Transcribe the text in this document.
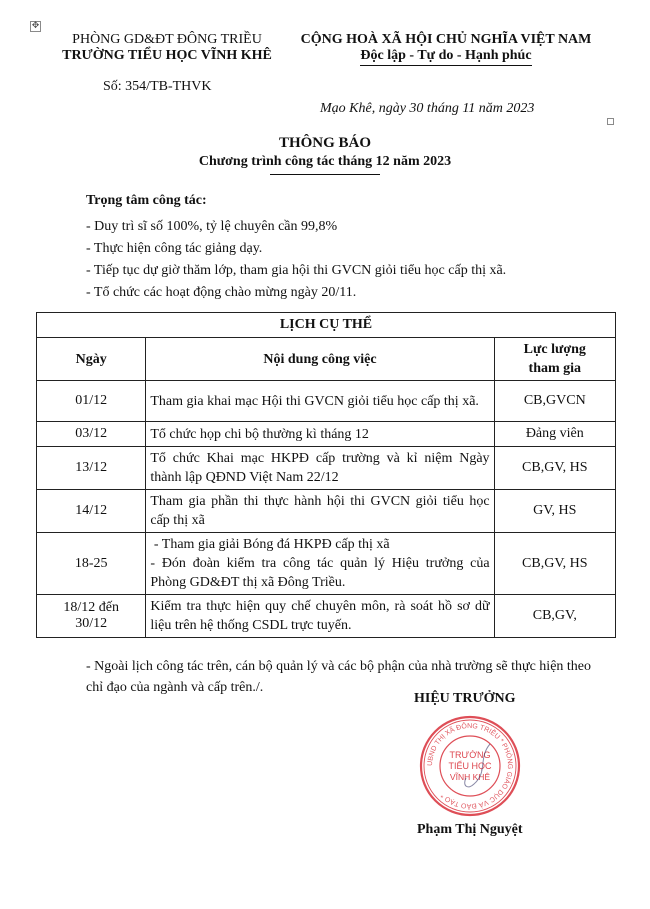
✥
PHÒNG GD&ĐT ĐÔNG TRIỀU
TRƯỜNG TIỂU HỌC VĨNH KHÊ
CỘNG HOÀ XÃ HỘI CHỦ NGHĨA VIỆT NAM
Độc lập - Tự do - Hạnh phúc
Số: 354/TB-THVK
Mạo Khê, ngày 30 tháng 11 năm 2023
THÔNG BÁO
Chương trình công tác tháng 12 năm 2023
Trọng tâm công tác:
- Duy trì sĩ số 100%, tỷ lệ chuyên cần 99,8%
- Thực hiện công tác giảng dạy.
- Tiếp tục dự giờ thăm lớp, tham gia hội thi GVCN giỏi tiểu học cấp thị xã.
- Tổ chức các hoạt động chào mừng ngày 20/11.
LỊCH CỤ THỂ		
Ngày	Nội dung công việc	Lực lượng
tham gia

01/12	Tham gia khai mạc Hội thi GVCN giỏi tiểu học cấp thị xã.	CB,GVCN
03/12	Tổ chức họp chi bộ thường kì tháng 12	Đảng viên
13/12	Tổ chức Khai mạc HKPĐ cấp trường và kỉ niệm Ngày thành lập QĐND Việt Nam 22/12	CB,GV, HS
14/12	Tham gia phần thi thực hành hội thi GVCN giỏi tiểu học cấp thị xã	GV, HS
18-25	- Tham gia giải Bóng đá HKPĐ cấp thị xã
- Đón đoàn kiểm tra công tác quản lý Hiệu trưởng của Phòng GD&ĐT thị xã Đông Triều.	CB,GV, HS

18/12 đến
30/12	Kiểm tra thực hiện quy chế chuyên môn, rà soát hồ sơ dữ liệu trên hệ thống CSDL trực tuyến.	CB,GV,
- Ngoài lịch công tác trên, cán bộ quản lý và các bộ phận của nhà trường sẽ thực hiện theo chỉ đạo của ngành và cấp trên./.
HIỆU TRƯỞNG
UBND THỊ XÃ ĐÔNG TRIỀU * PHÒNG GIÁO DỤC VÀ ĐÀO TẠO *
TRƯỜNG
TIỂU HỌC
VĨNH KHÊ
Phạm Thị Nguyệt
